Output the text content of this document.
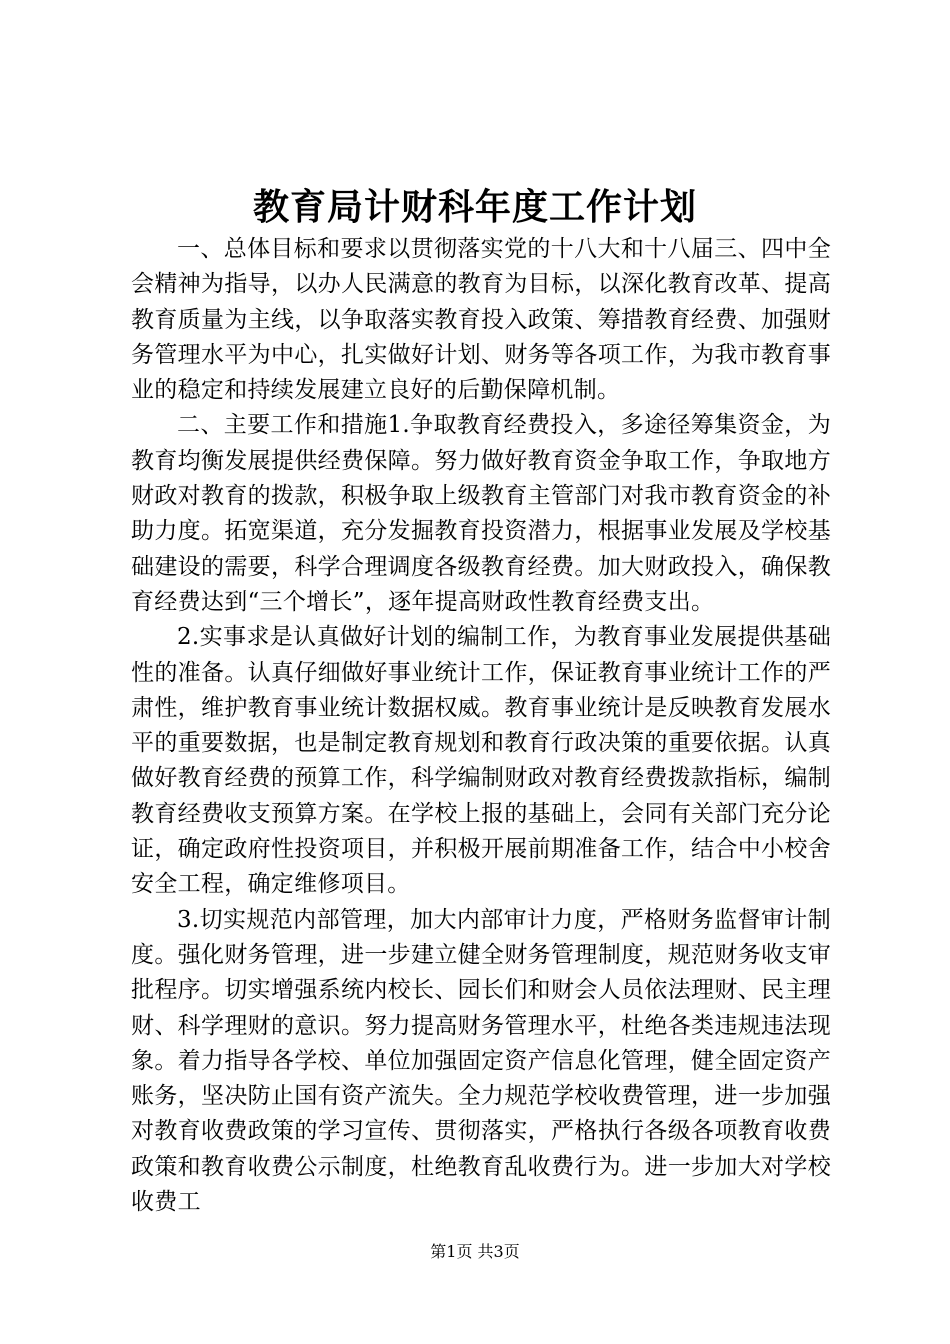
教育局计财科年度工作计划

一、总体目标和要求以贯彻落实党的十八大和十八届三、四中全会精神为指导，以办人民满意的教育为目标，以深化教育改革、提高教育质量为主线，以争取落实教育投入政策、筹措教育经费、加强财务管理水平为中心，扎实做好计划、财务等各项工作，为我市教育事业的稳定和持续发展建立良好的后勤保障机制。

二、主要工作和措施1.争取教育经费投入，多途径筹集资金，为教育均衡发展提供经费保障。努力做好教育资金争取工作，争取地方财政对教育的拨款，积极争取上级教育主管部门对我市教育资金的补助力度。拓宽渠道，充分发掘教育投资潜力，根据事业发展及学校基础建设的需要，科学合理调度各级教育经费。加大财政投入，确保教育经费达到“三个增长”，逐年提高财政性教育经费支出。

2.实事求是认真做好计划的编制工作，为教育事业发展提供基础性的准备。认真仔细做好事业统计工作，保证教育事业统计工作的严肃性，维护教育事业统计数据权威。教育事业统计是反映教育发展水平的重要数据，也是制定教育规划和教育行政决策的重要依据。认真做好教育经费的预算工作，科学编制财政对教育经费拨款指标，编制教育经费收支预算方案。在学校上报的基础上，会同有关部门充分论证，确定政府性投资项目，并积极开展前期准备工作，结合中小校舍安全工程，确定维修项目。

3.切实规范内部管理，加大内部审计力度，严格财务监督审计制度。强化财务管理，进一步建立健全财务管理制度，规范财务收支审批程序。切实增强系统内校长、园长们和财会人员依法理财、民主理财、科学理财的意识。努力提高财务管理水平，杜绝各类违规违法现象。着力指导各学校、单位加强固定资产信息化管理，健全固定资产账务，坚决防止国有资产流失。全力规范学校收费管理，进一步加强对教育收费政策的学习宣传、贯彻落实，严格执行各级各项教育收费政策和教育收费公示制度，杜绝教育乱收费行为。进一步加大对学校收费工

第1页 共3页
